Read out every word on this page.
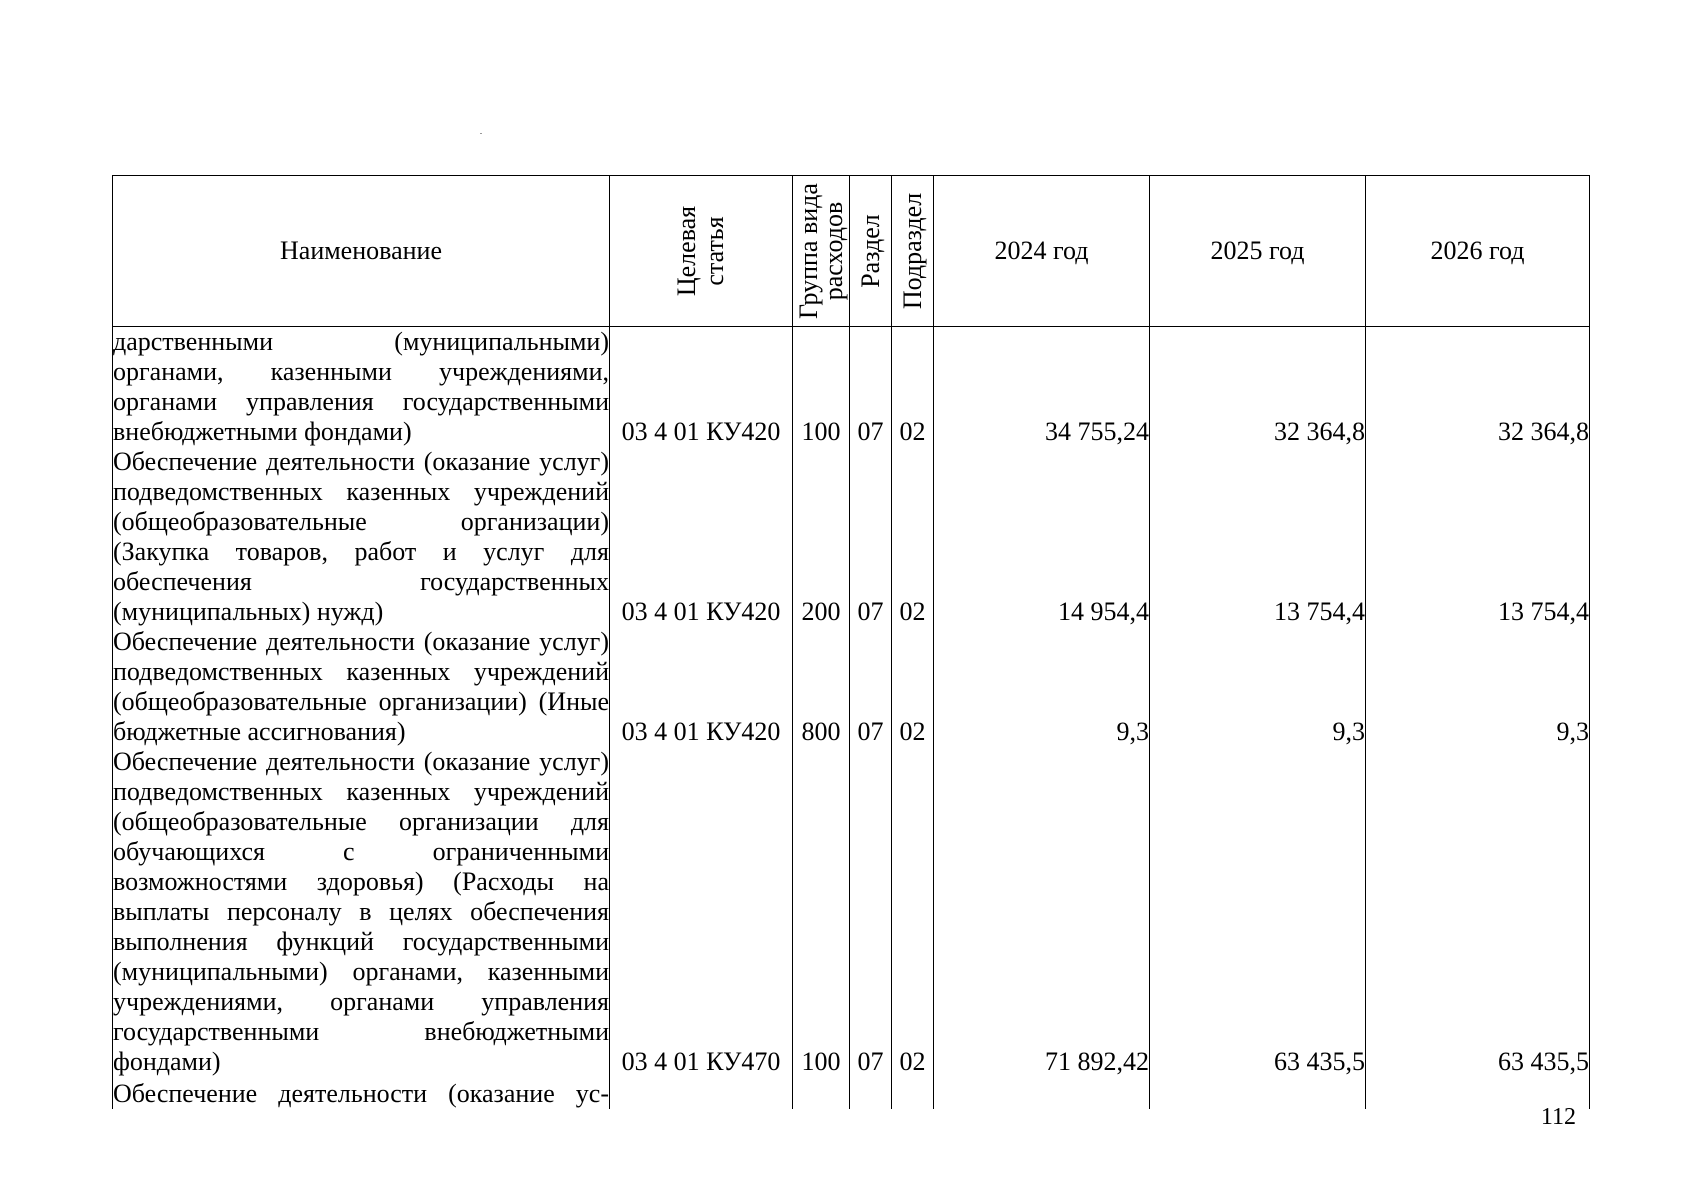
Наименование	Целевая статья	Группа вида расходов	Раздел	Подраздел	2024 год	2025 год	2026 год
дарственными (муниципальными) органами, казенными учреждениями, органами управления государственными внебюджетными фондами)	03 4 01 КУ420	100	07	02	34 755,24	32 364,8	32 364,8
Обеспечение деятельности (оказание услуг) подведомственных казенных учреждений (общеобразовательные организации) (Закупка товаров, работ и услуг для обеспечения государственных (муниципальных) нужд)	03 4 01 КУ420	200	07	02	14 954,4	13 754,4	13 754,4
Обеспечение деятельности (оказание услуг) подведомственных казенных учреждений (общеобразовательные организации) (Иные бюджетные ассигнования)	03 4 01 КУ420	800	07	02	9,3	9,3	9,3
Обеспечение деятельности (оказание услуг) подведомственных казенных учреждений (общеобразовательные организации для обучающихся с ограниченными возможностями здоровья) (Расходы на выплаты персоналу в целях обеспечения выполнения функций государственными (муниципальными) органами, казенными учреждениями, органами управления государственными внебюджетными фондами)	03 4 01 КУ470	100	07	02	71 892,42	63 435,5	63 435,5
Обеспечение деятельности (оказание ус-							
112
